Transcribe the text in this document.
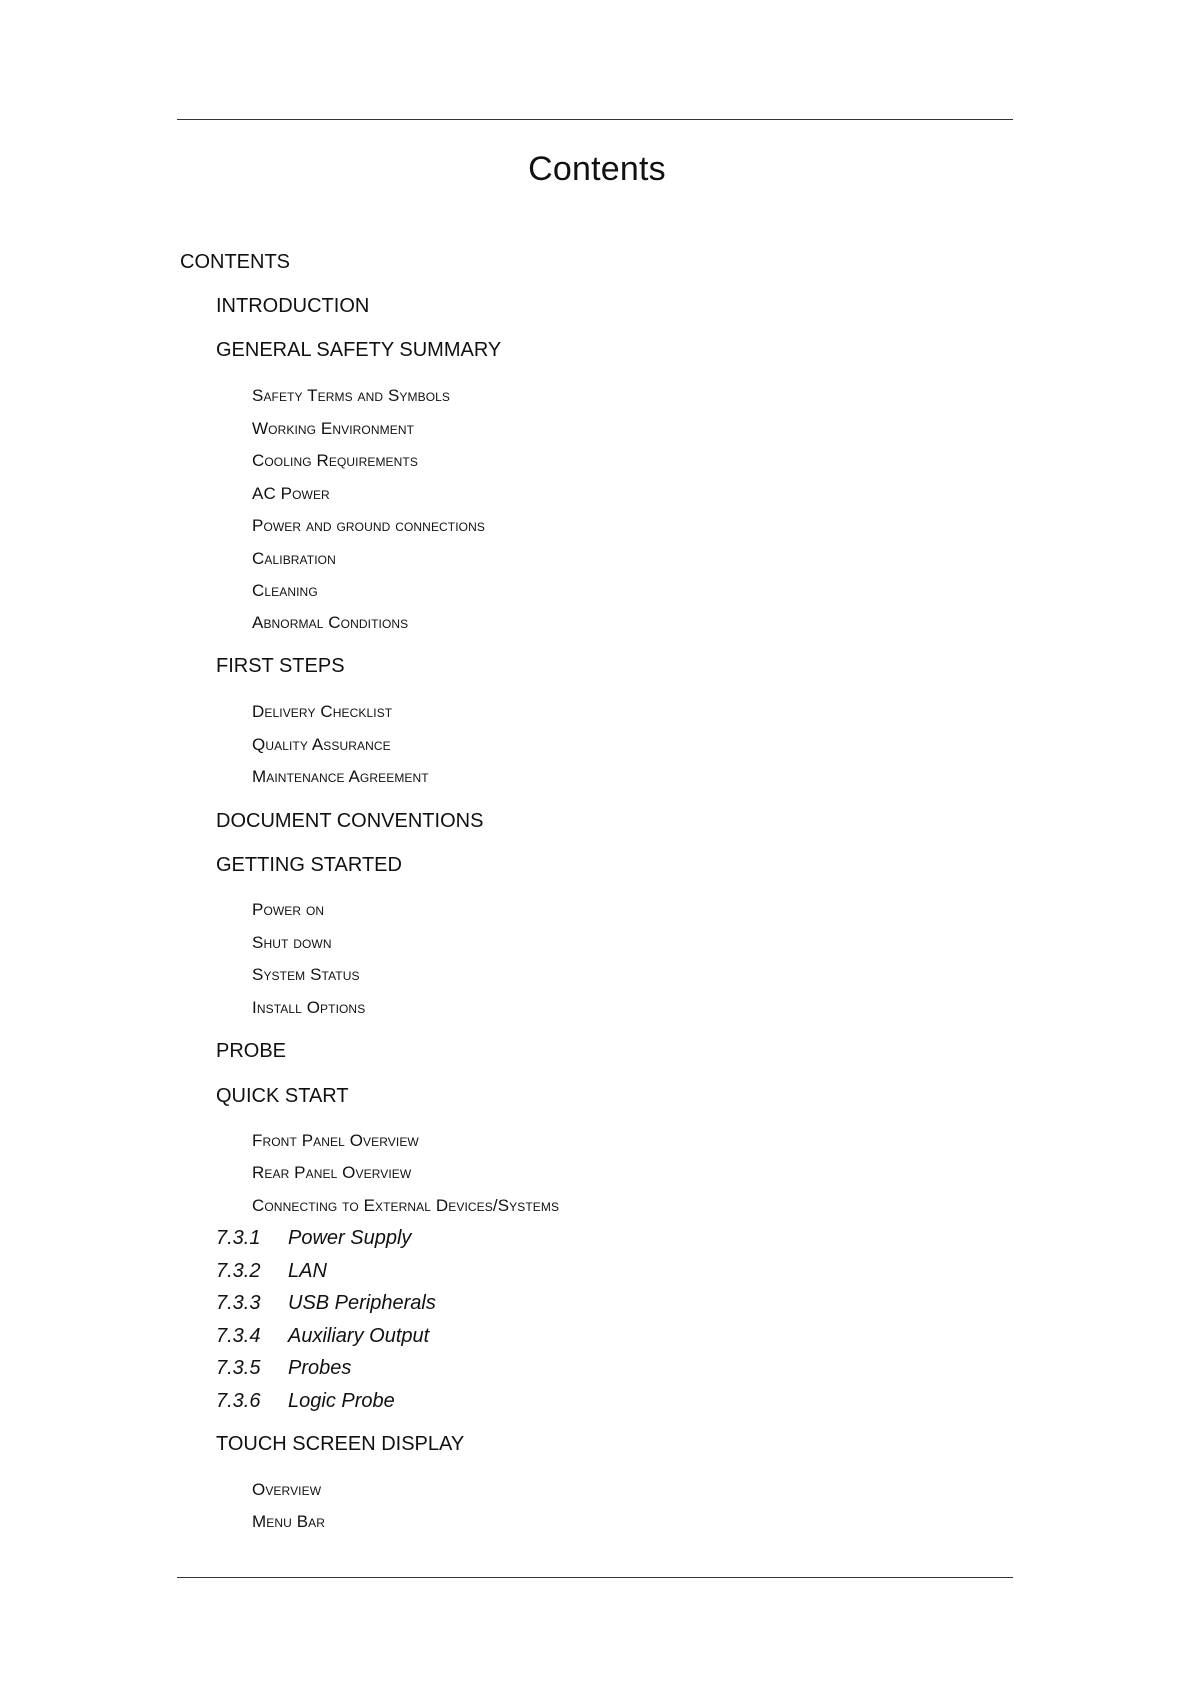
Contents
CONTENTS
INTRODUCTION
GENERAL SAFETY SUMMARY
Safety Terms and Symbols
Working Environment
Cooling Requirements
AC Power
Power and ground connections
Calibration
Cleaning
Abnormal Conditions
FIRST STEPS
Delivery Checklist
Quality Assurance
Maintenance Agreement
DOCUMENT CONVENTIONS
GETTING STARTED
Power on
Shut down
System Status
Install Options
PROBE
QUICK START
Front Panel Overview
Rear Panel Overview
Connecting to External Devices/Systems
7.3.1 Power Supply
7.3.2 LAN
7.3.3 USB Peripherals
7.3.4 Auxiliary Output
7.3.5 Probes
7.3.6 Logic Probe
TOUCH SCREEN DISPLAY
Overview
Menu Bar
